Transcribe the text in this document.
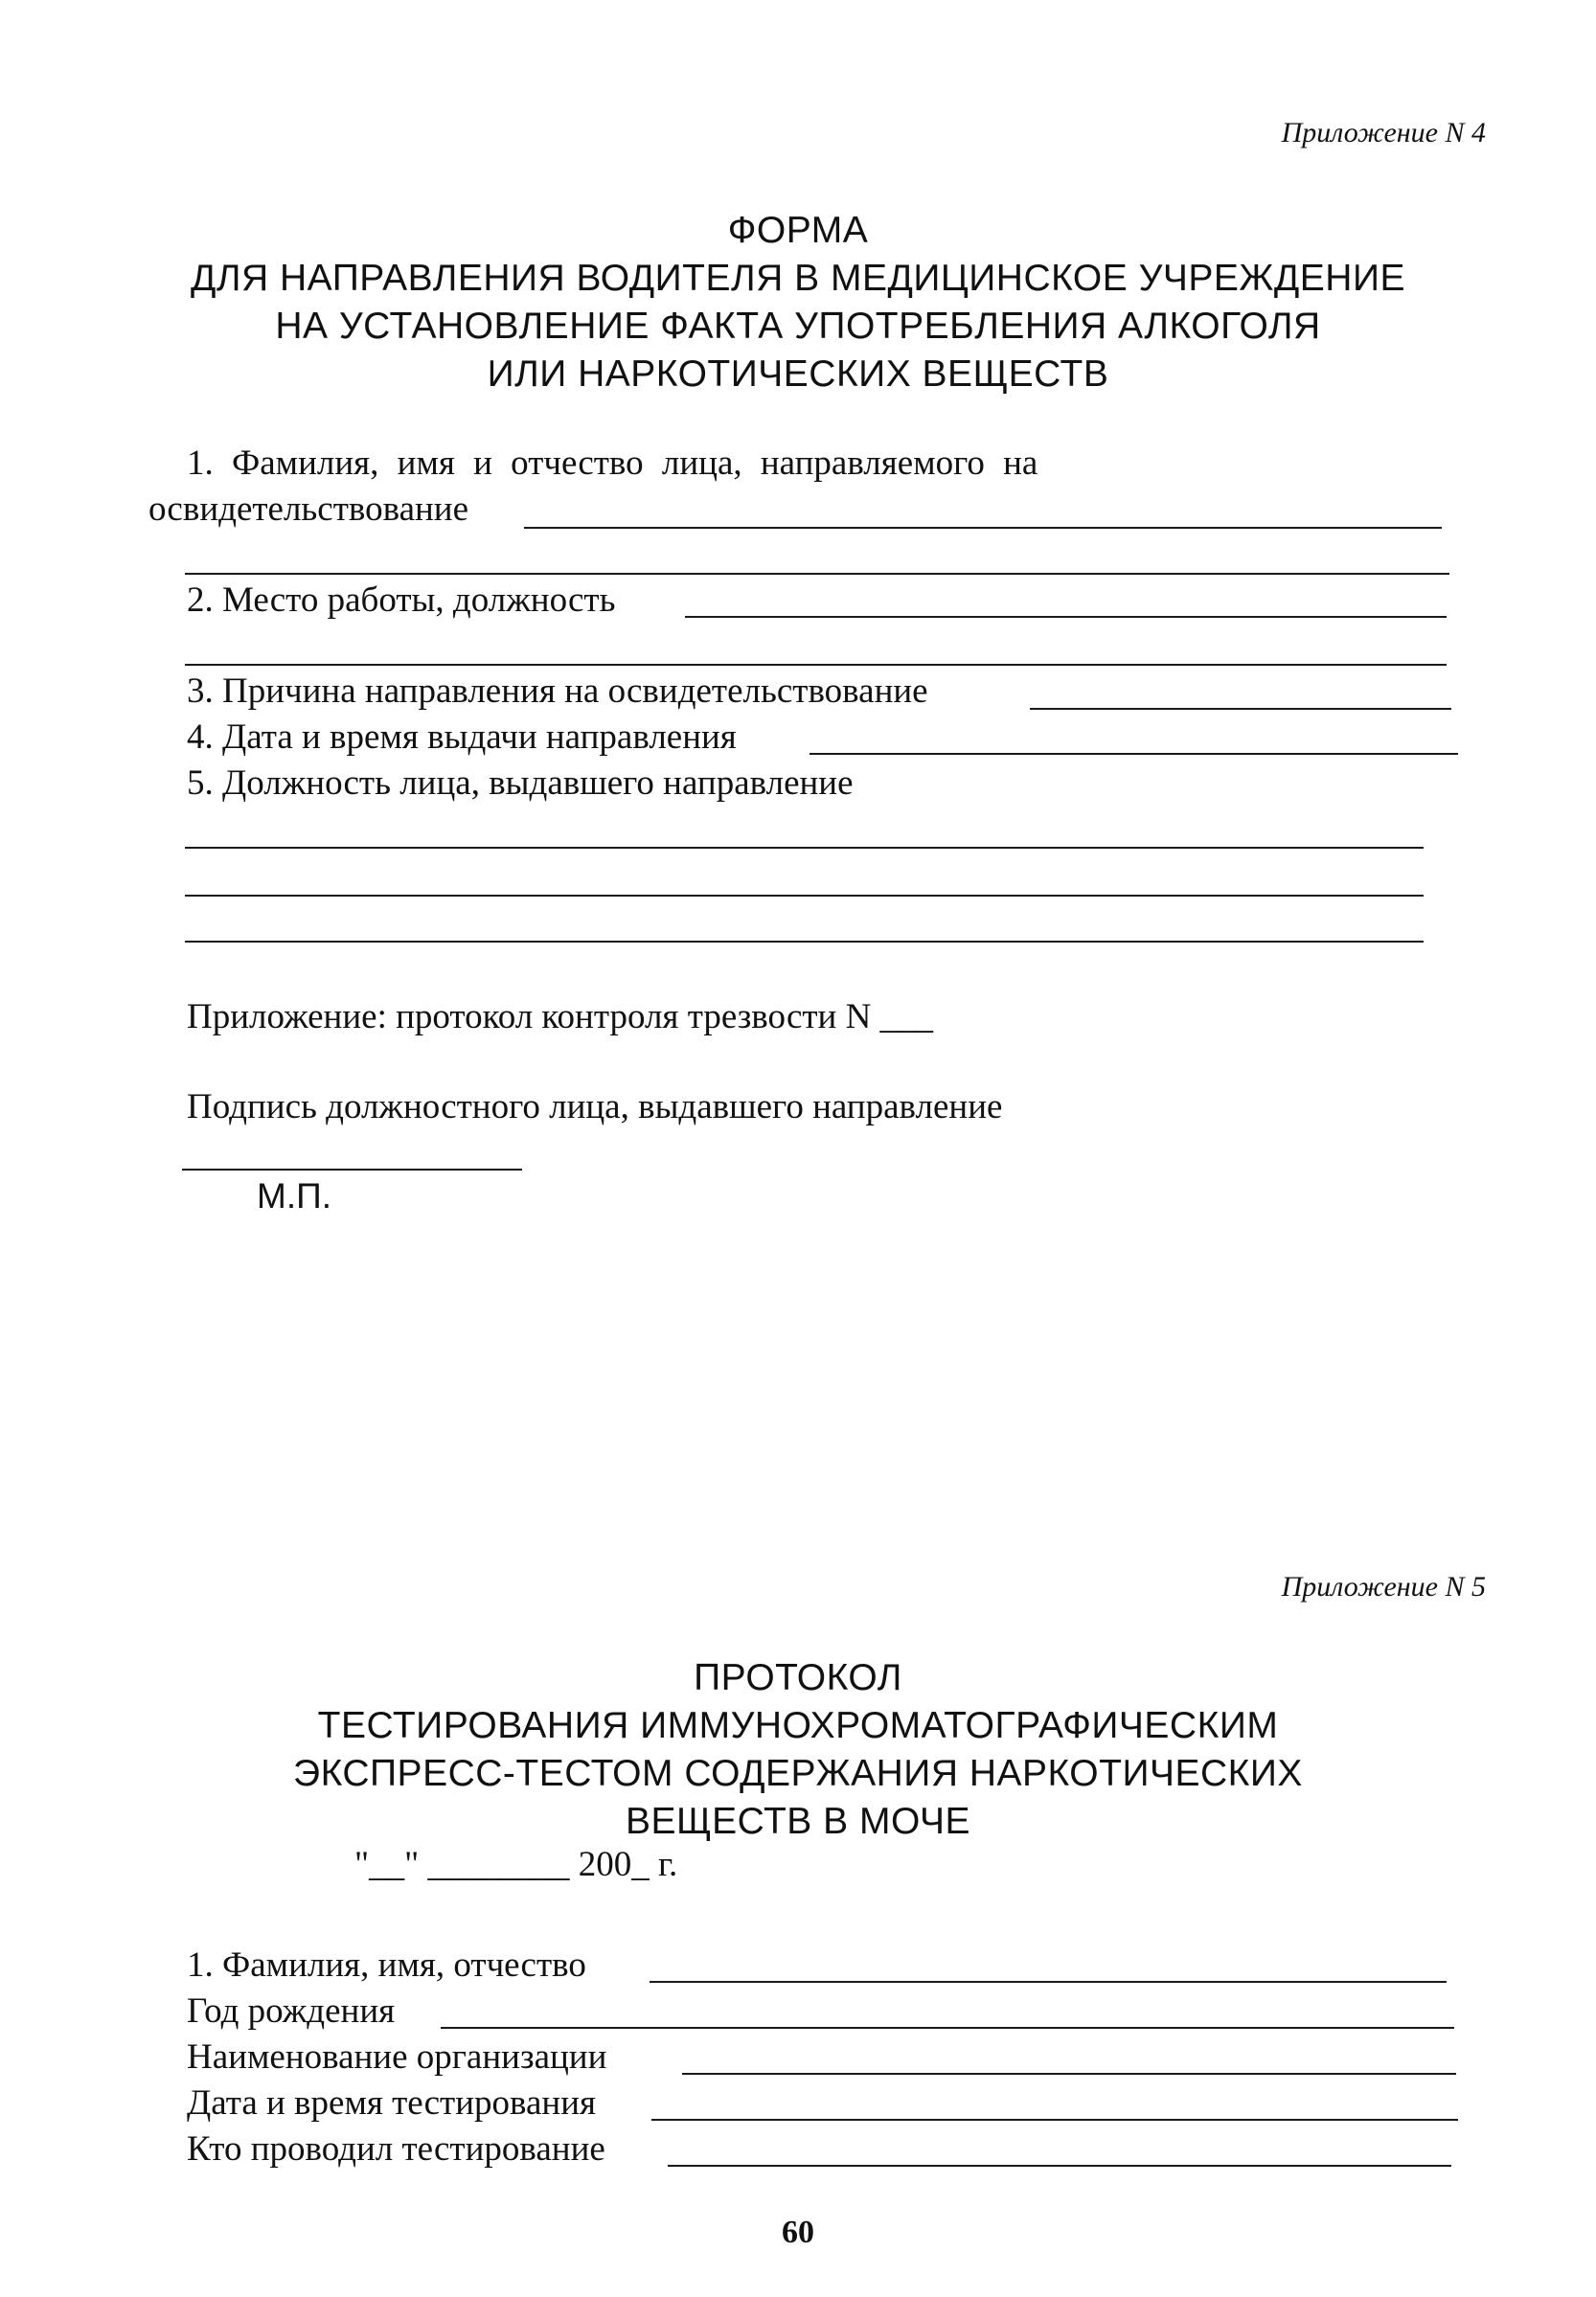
Приложение N 4
ФОРМА
ДЛЯ НАПРАВЛЕНИЯ ВОДИТЕЛЯ В МЕДИЦИНСКОЕ УЧРЕЖДЕНИЕ
НА УСТАНОВЛЕНИЕ ФАКТА УПОТРЕБЛЕНИЯ АЛКОГОЛЯ
ИЛИ НАРКОТИЧЕСКИХ ВЕЩЕСТВ
1. Фамилия, имя и отчество лица, направляемого на
освидетельствование
2. Место работы, должность
3. Причина направления на освидетельствование
4. Дата и время выдачи направления
5. Должность лица, выдавшего направление
Приложение: протокол контроля трезвости N ___
Подпись должностного лица, выдавшего направление
М.П.
Приложение N 5
ПРОТОКОЛ
ТЕСТИРОВАНИЯ ИММУНОХРОМАТОГРАФИЧЕСКИМ
ЭКСПРЕСС-ТЕСТОМ СОДЕРЖАНИЯ НАРКОТИЧЕСКИХ
ВЕЩЕСТВ В МОЧЕ
"__" ________ 200_ г.
1. Фамилия, имя, отчество
Год рождения
Наименование организации
Дата и время тестирования
Кто проводил тестирование
60
